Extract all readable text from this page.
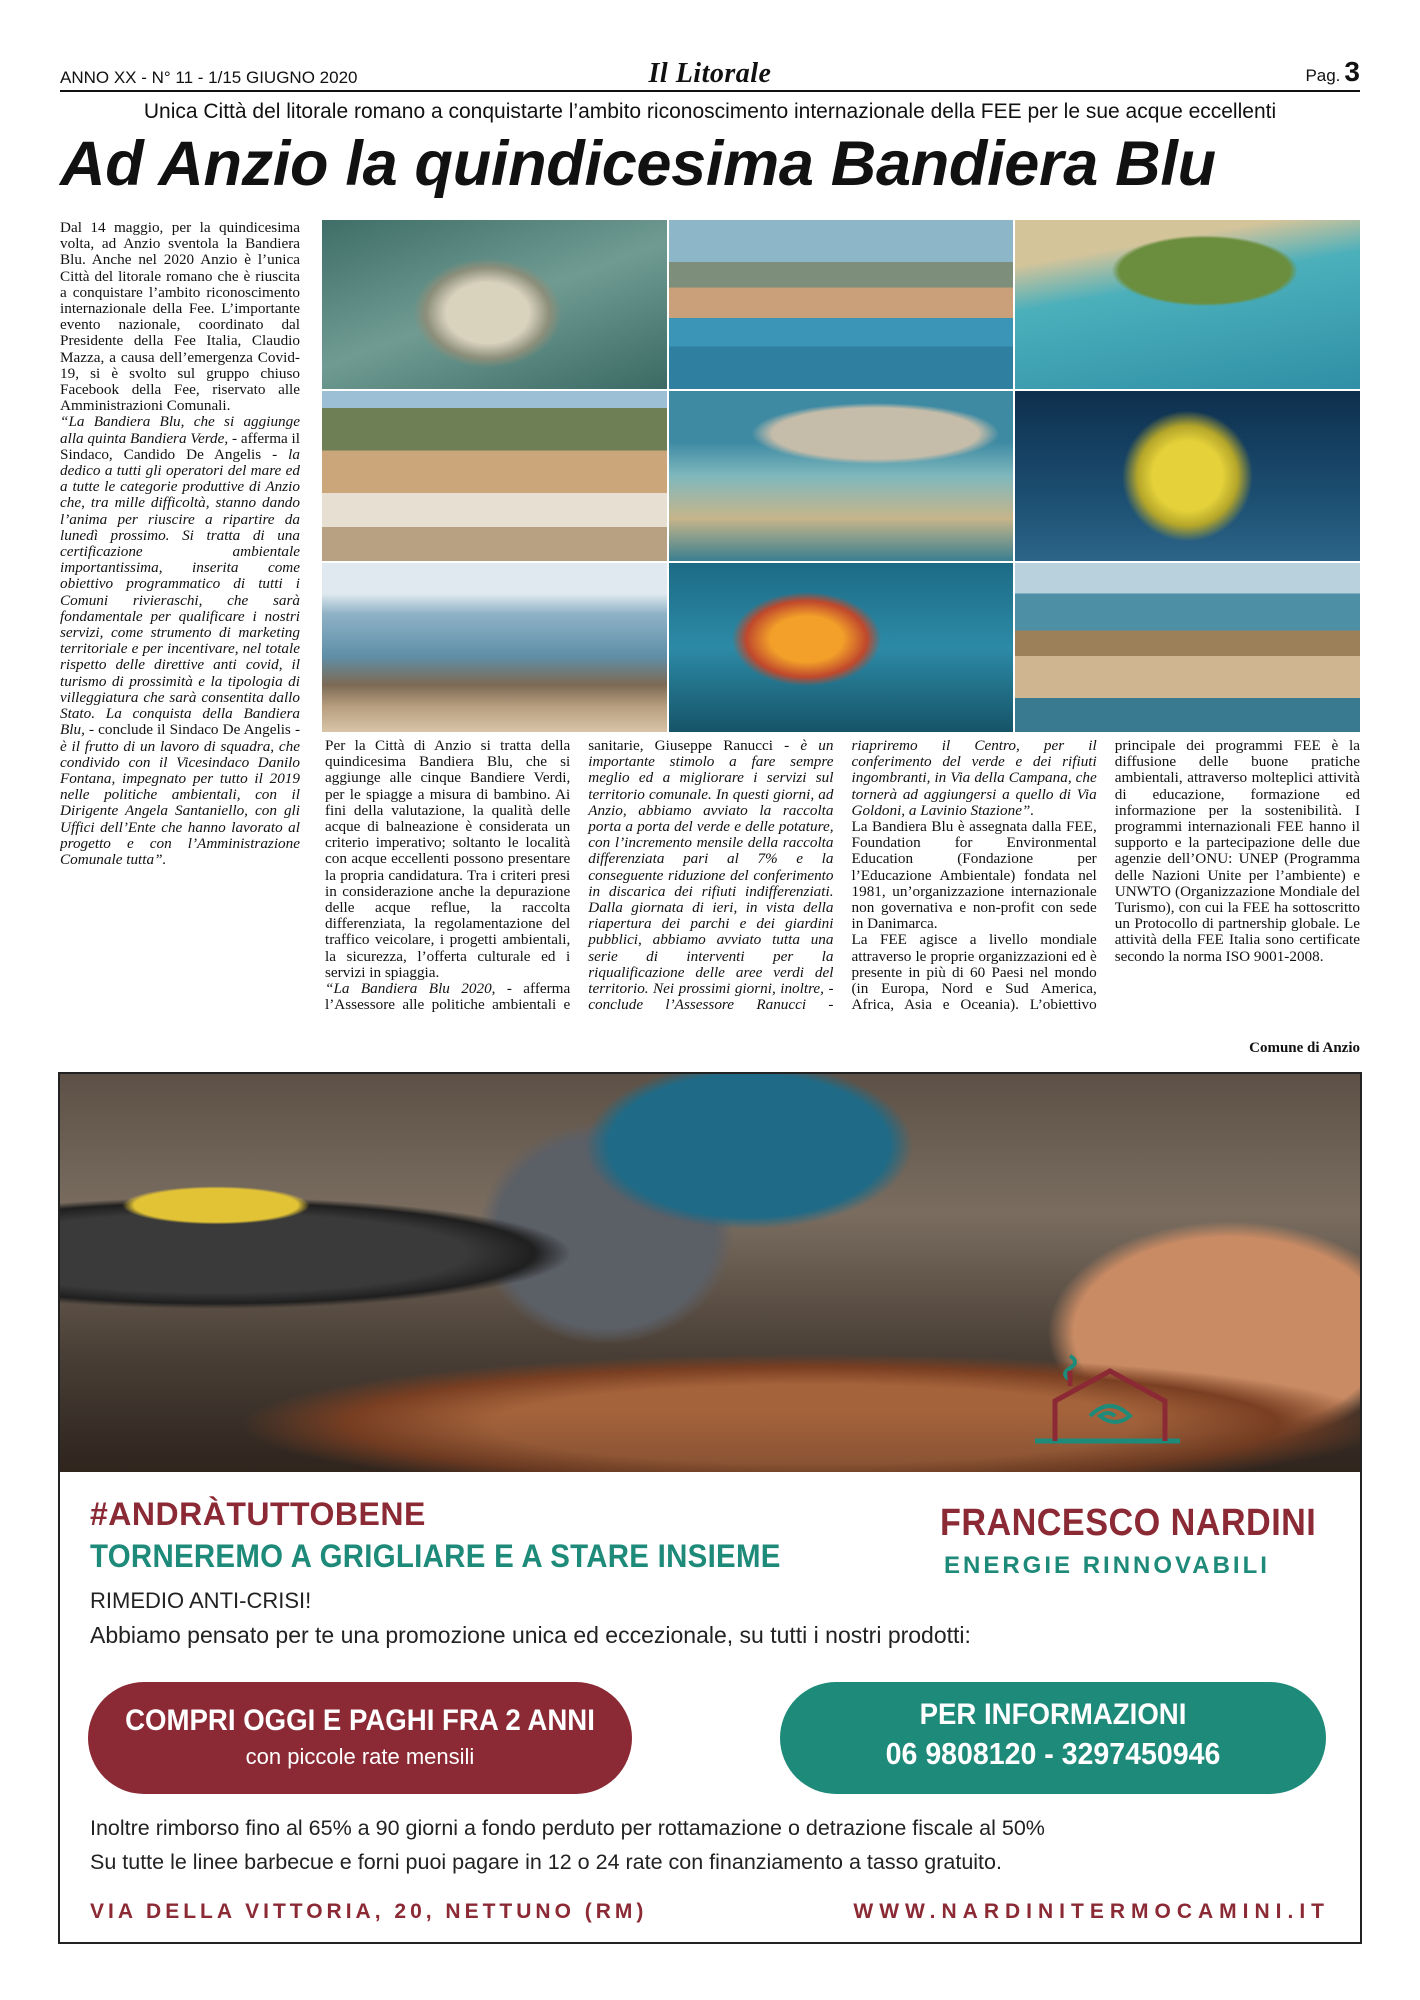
ANNO XX - N° 11 - 1/15 GIUGNO 2020	Il Litorale	Pag. 3
Unica Città del litorale romano a conquistarte l’ambito riconoscimento internazionale della FEE per le sue acque eccellenti
Ad Anzio la quindicesima Bandiera Blu

Dal 14 maggio, per la quindicesima volta, ad Anzio sventola la Bandiera Blu. Anche nel 2020 Anzio è l’unica Città del litorale romano che è riuscita a conquistare l’ambito riconoscimento internazionale della Fee. L’importante evento nazionale, coordinato dal Presidente della Fee Italia, Claudio Mazza, a causa dell’emergenza Covid-19, si è svolto sul gruppo chiuso Facebook della Fee, riservato alle Amministrazioni Comunali.

“La Bandiera Blu, che si aggiunge alla quinta Bandiera Verde, - afferma il Sindaco, Candido De Angelis - la dedico a tutti gli operatori del mare ed a tutte le categorie produttive di Anzio che, tra mille difficoltà, stanno dando l’anima per riuscire a ripartire da lunedì prossimo. Si tratta di una certificazione ambientale importantissima, inserita come obiettivo programmatico di tutti i Comuni rivieraschi, che sarà fondamentale per qualificare i nostri servizi, come strumento di marketing territoriale e per incentivare, nel totale rispetto delle direttive anti covid, il turismo di prossimità e la tipologia di villeggiatura che sarà consentita dallo Stato. La conquista della Bandiera Blu, - conclude il Sindaco De Angelis - è il frutto di un lavoro di squadra, che condivido con il Vicesindaco Danilo Fontana, impegnato per tutto il 2019 nelle politiche ambientali, con il Dirigente Angela Santaniello, con gli Uffici dell’Ente che hanno lavorato al progetto e con l’Amministrazione Comunale tutta”.

Per la Città di Anzio si tratta della quindicesima Bandiera Blu, che si aggiunge alle cinque Bandiere Verdi, per le spiagge a misura di bambino. Ai fini della valutazione, la qualità delle acque di balneazione è considerata un criterio imperativo; soltanto le località con acque eccellenti possono presentare la propria candidatura. Tra i criteri presi in considerazione anche la depurazione delle acque reflue, la raccolta differenziata, la regolamentazione del traffico veicolare, i progetti ambientali, la sicurezza, l’offerta culturale ed i servizi in spiaggia.

“La Bandiera Blu 2020, - afferma l’Assessore alle politiche ambientali e sanitarie, Giuseppe Ranucci - è un importante stimolo a fare sempre meglio ed a migliorare i servizi sul territorio comunale. In questi giorni, ad Anzio, abbiamo avviato la raccolta porta a porta del verde e delle potature, con l’incremento mensile della raccolta differenziata pari al 7% e la conseguente riduzione del conferimento in discarica dei rifiuti indifferenziati. Dalla giornata di ieri, in vista della riapertura dei parchi e dei giardini pubblici, abbiamo avviato tutta una serie di interventi per la riqualificazione delle aree verdi del territorio. Nei prossimi giorni, inoltre, - conclude l’Assessore Ranucci - riapriremo il Centro, per il conferimento del verde e dei rifiuti ingombranti, in Via della Campana, che tornerà ad aggiungersi a quello di Via Goldoni, a Lavinio Stazione”.

La Bandiera Blu è assegnata dalla FEE, Foundation for Environmental Education (Fondazione per l’Educazione Ambientale) fondata nel 1981, un’organizzazione internazionale non governativa e non-profit con sede in Danimarca.

La FEE agisce a livello mondiale attraverso le proprie organizzazioni ed è presente in più di 60 Paesi nel mondo (in Europa, Nord e Sud America, Africa, Asia e Oceania). L’obiettivo principale dei programmi FEE è la diffusione delle buone pratiche ambientali, attraverso molteplici attività di educazione, formazione ed informazione per la sostenibilità. I programmi internazionali FEE hanno il supporto e la partecipazione delle due agenzie dell’ONU: UNEP (Programma delle Nazioni Unite per l’ambiente) e UNWTO (Organizzazione Mondiale del Turismo), con cui la FEE ha sottoscritto un Protocollo di partnership globale. Le attività della FEE Italia sono certificate secondo la norma ISO 9001-2008.

Comune di Anzio
#ANDRÀTUTTOBENE
TORNEREMO A GRIGLIARE E A STARE INSIEME
RIMEDIO ANTI-CRISI!
Abbiamo pensato per te una promozione unica ed eccezionale, su tutti i nostri prodotti:
FRANCESCO NARDINI
ENERGIE RINNOVABILI
COMPRI OGGI E PAGHI FRA 2 ANNI
con piccole rate mensili
PER INFORMAZIONI
06 9808120 - 3297450946
Inoltre rimborso fino al 65% a 90 giorni a fondo perduto per rottamazione o detrazione fiscale al 50%
Su tutte le linee barbecue e forni puoi pagare in 12 o 24 rate con finanziamento a tasso gratuito.
VIA DELLA VITTORIA, 20, NETTUNO (RM)	WWW.NARDINITERMOCAMINI.IT
